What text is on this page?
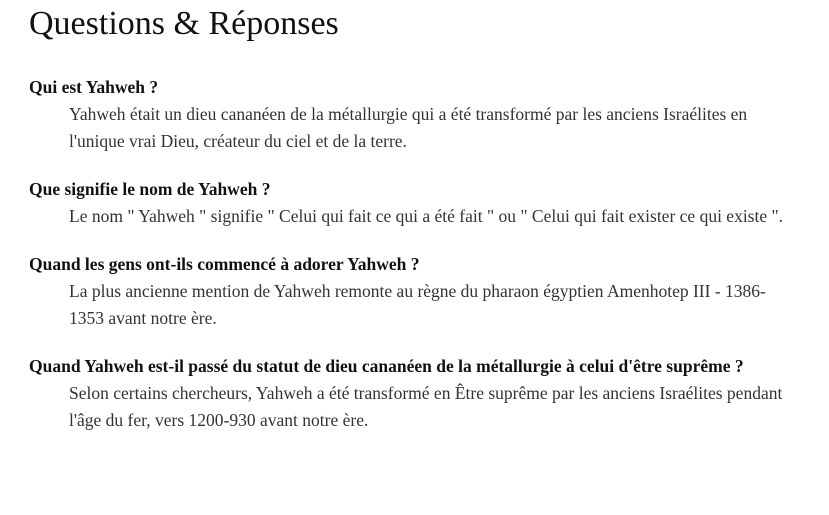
Questions & Réponses
Qui est Yahweh ?
Yahweh était un dieu cananéen de la métallurgie qui a été transformé par les anciens Israélites en l'unique vrai Dieu, créateur du ciel et de la terre.
Que signifie le nom de Yahweh ?
Le nom " Yahweh " signifie " Celui qui fait ce qui a été fait " ou " Celui qui fait exister ce qui existe ".
Quand les gens ont-ils commencé à adorer Yahweh ?
La plus ancienne mention de Yahweh remonte au règne du pharaon égyptien Amenhotep III - 1386-1353 avant notre ère.
Quand Yahweh est-il passé du statut de dieu cananéen de la métallurgie à celui d'être suprême ?
Selon certains chercheurs, Yahweh a été transformé en Être suprême par les anciens Israélites pendant l'âge du fer, vers 1200-930 avant notre ère.
